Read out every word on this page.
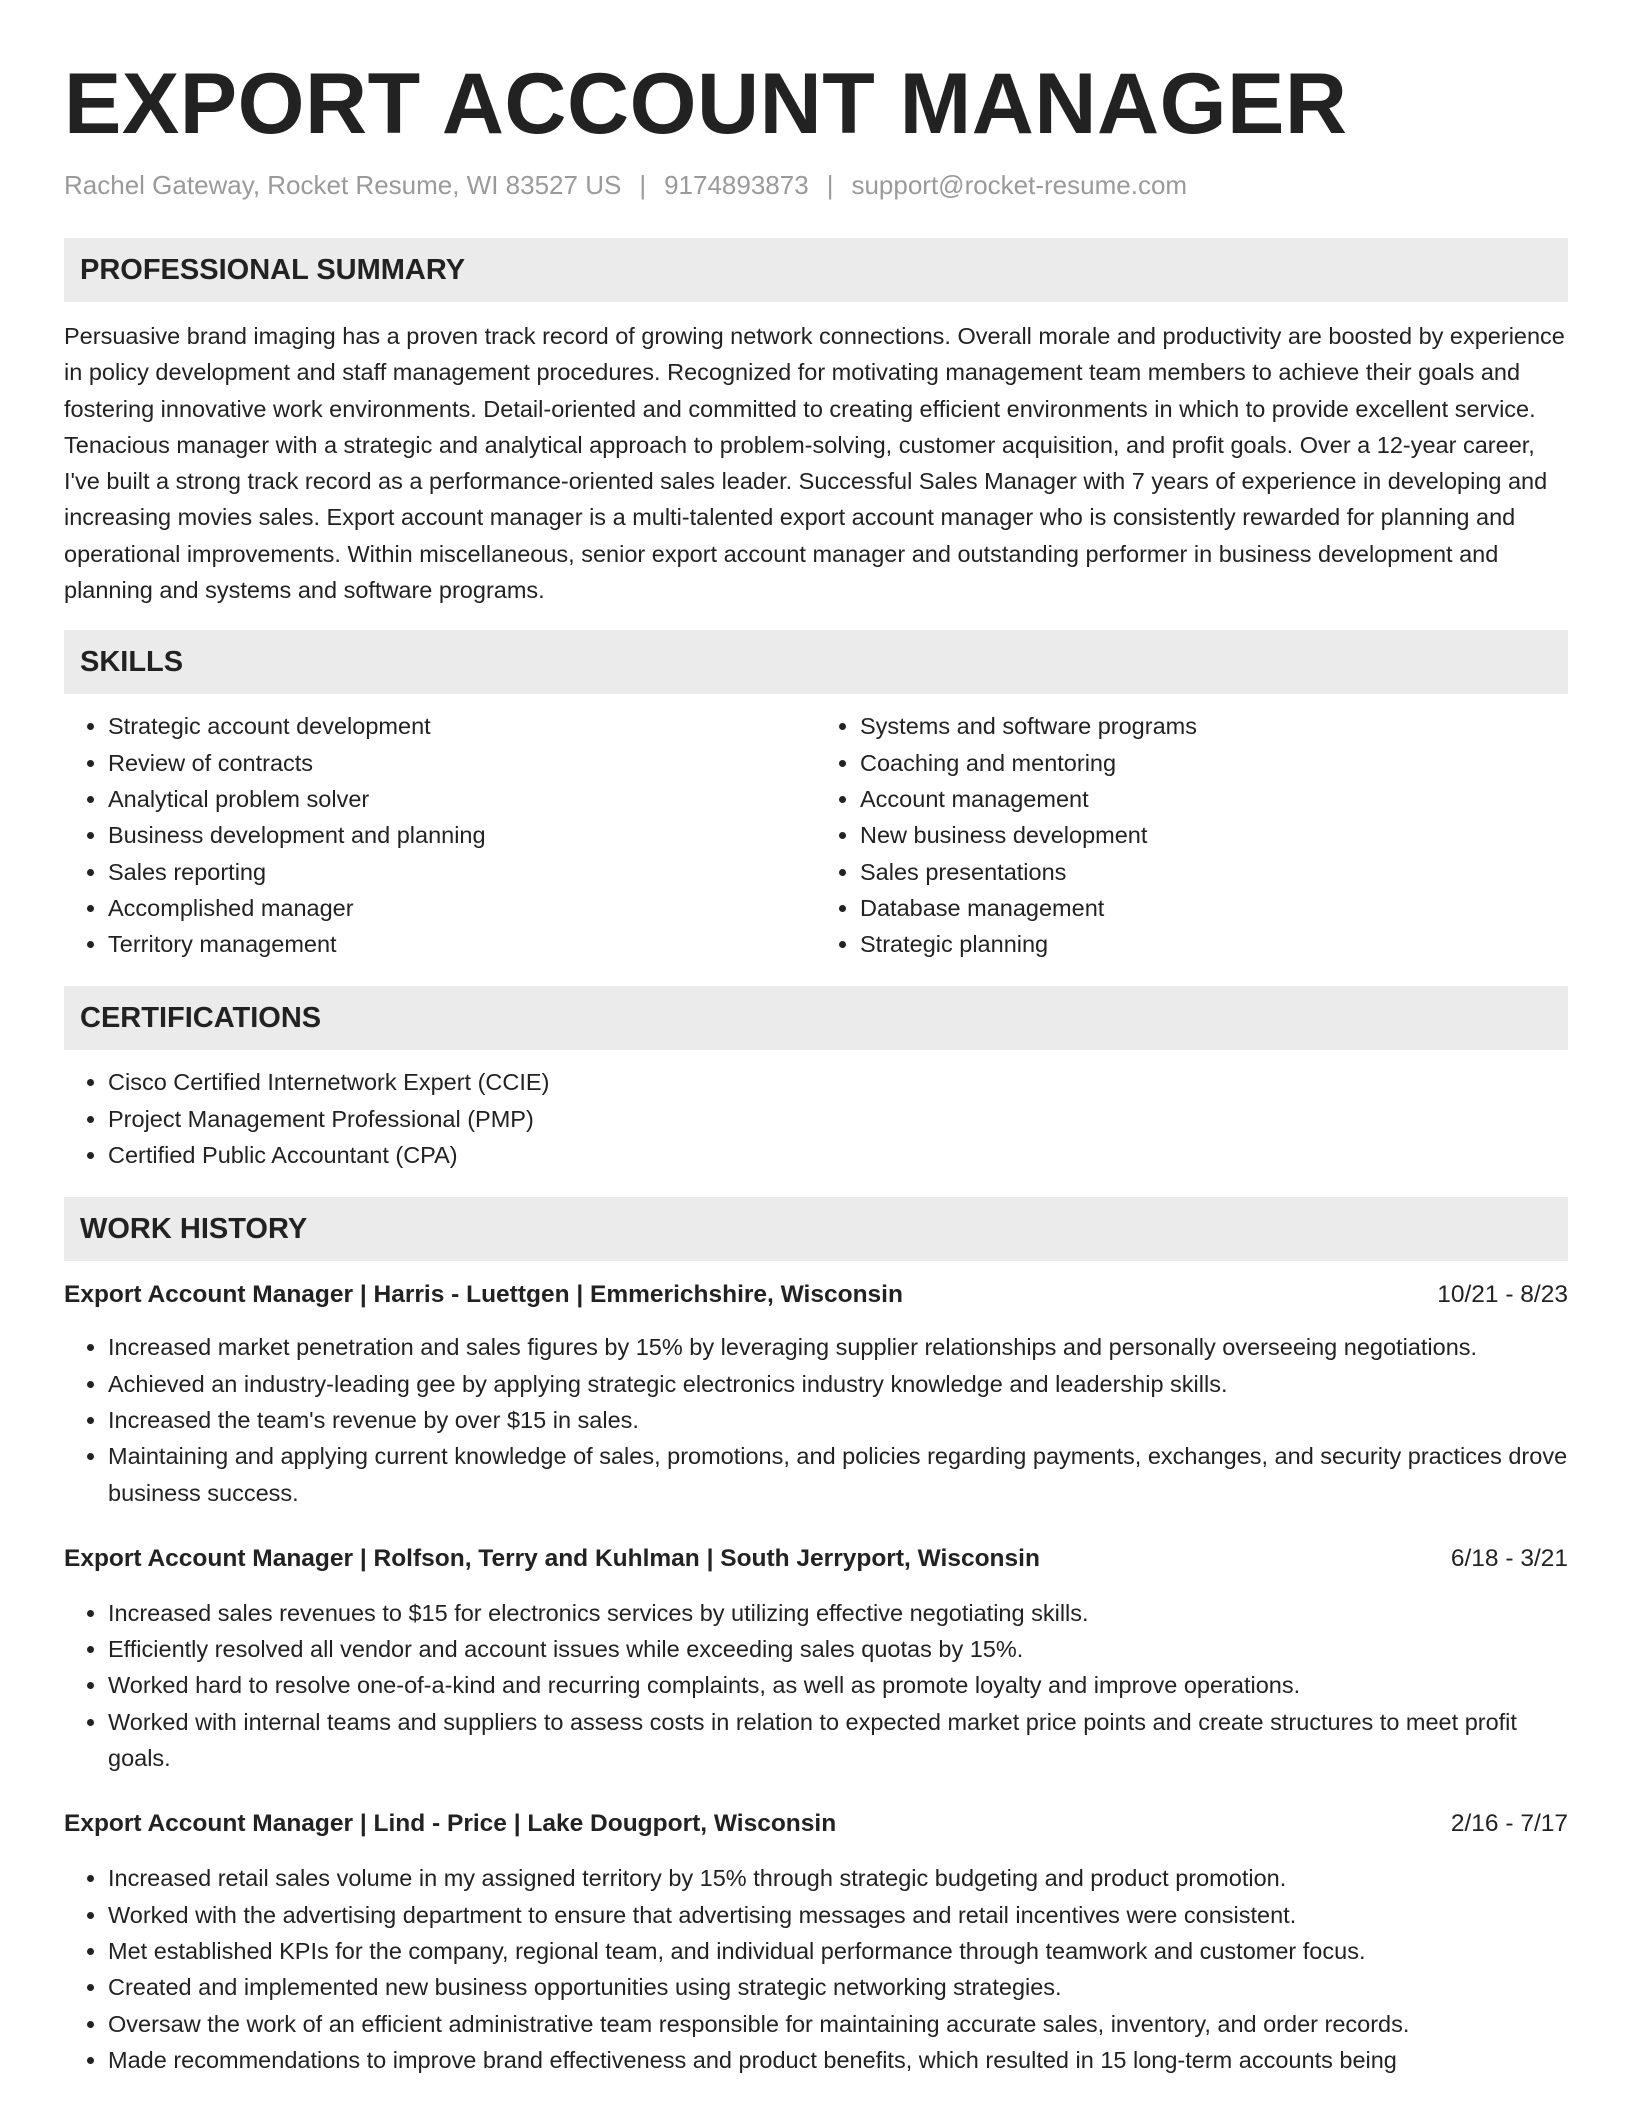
EXPORT ACCOUNT MANAGER
Rachel Gateway, Rocket Resume, WI 83527 US | 9174893873 | support@rocket-resume.com
PROFESSIONAL SUMMARY

Persuasive brand imaging has a proven track record of growing network connections. Overall morale and productivity are boosted by experience in policy development and staff management procedures. Recognized for motivating management team members to achieve their goals and fostering innovative work environments. Detail-oriented and committed to creating efficient environments in which to provide excellent service. Tenacious manager with a strategic and analytical approach to problem-solving, customer acquisition, and profit goals. Over a 12-year career, I've built a strong track record as a performance-oriented sales leader. Successful Sales Manager with 7 years of experience in developing and increasing movies sales. Export account manager is a multi-talented export account manager who is consistently rewarded for planning and operational improvements. Within miscellaneous, senior export account manager and outstanding performer in business development and planning and systems and software programs.

SKILLS
• Strategic account development
• Review of contracts
• Analytical problem solver
• Business development and planning
• Sales reporting
• Accomplished manager
• Territory management
• Systems and software programs
• Coaching and mentoring
• Account management
• New business development
• Sales presentations
• Database management
• Strategic planning
CERTIFICATIONS
• Cisco Certified Internetwork Expert (CCIE)
• Project Management Professional (PMP)
• Certified Public Accountant (CPA)
WORK HISTORY
Export Account Manager | Harris - Luettgen | Emmerichshire, Wisconsin	10/21 - 8/23
• Increased market penetration and sales figures by 15% by leveraging supplier relationships and personally overseeing negotiations.
• Achieved an industry-leading gee by applying strategic electronics industry knowledge and leadership skills.
• Increased the team's revenue by over $15 in sales.
• Maintaining and applying current knowledge of sales, promotions, and policies regarding payments, exchanges, and security practices drove business success.
Export Account Manager | Rolfson, Terry and Kuhlman | South Jerryport, Wisconsin	6/18 - 3/21
• Increased sales revenues to $15 for electronics services by utilizing effective negotiating skills.
• Efficiently resolved all vendor and account issues while exceeding sales quotas by 15%.
• Worked hard to resolve one-of-a-kind and recurring complaints, as well as promote loyalty and improve operations.
• Worked with internal teams and suppliers to assess costs in relation to expected market price points and create structures to meet profit goals.
Export Account Manager | Lind - Price | Lake Dougport, Wisconsin	2/16 - 7/17
• Increased retail sales volume in my assigned territory by 15% through strategic budgeting and product promotion.
• Worked with the advertising department to ensure that advertising messages and retail incentives were consistent.
• Met established KPIs for the company, regional team, and individual performance through teamwork and customer focus.
• Created and implemented new business opportunities using strategic networking strategies.
• Oversaw the work of an efficient administrative team responsible for maintaining accurate sales, inventory, and order records.
• Made recommendations to improve brand effectiveness and product benefits, which resulted in 15 long-term accounts being
